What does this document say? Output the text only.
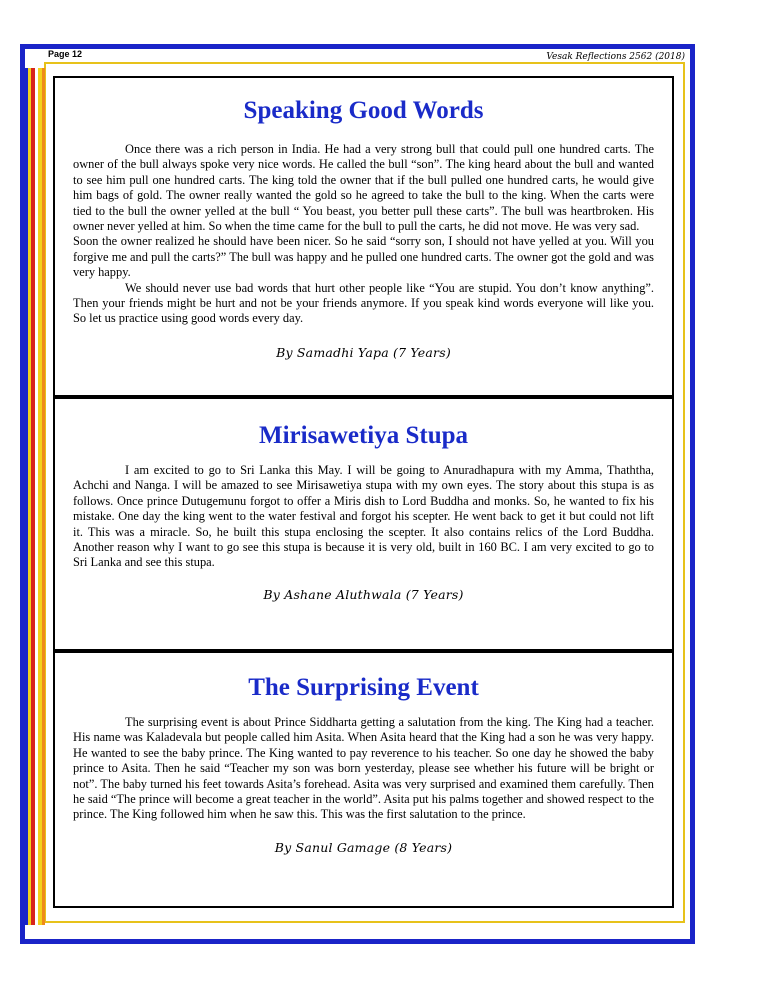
Page 12	Vesak Reflections 2562 (2018)
Speaking Good Words

Once there was a rich person in India. He had a very strong bull that could pull one hundred carts. The owner of the bull always spoke very nice words. He called the bull “son”. The king heard about the bull and wanted to see him pull one hundred carts. The king told the owner that if the bull pulled one hundred carts, he would give him bags of gold. The owner really wanted the gold so he agreed to take the bull to the king. When the carts were tied to the bull the owner yelled at the bull “ You beast, you better pull these carts”. The bull was heartbroken. His owner never yelled at him. So when the time came for the bull to pull the carts, he did not move. He was very sad.

Soon the owner realized he should have been nicer. So he said “sorry son, I should not have yelled at you. Will you forgive me and pull the carts?” The bull was happy and he pulled one hundred carts. The owner got the gold and was very happy.

We should never use bad words that hurt other people like “You are stupid. You don’t know anything”. Then your friends might be hurt and not be your friends anymore. If you speak kind words everyone will like you. So let us practice using good words every day.

By Samadhi Yapa (7 Years)
Mirisawetiya Stupa

I am excited to go to Sri Lanka this May. I will be going to Anuradhapura with my Amma, Thaththa, Achchi and Nanga. I will be amazed to see Mirisawetiya stupa with my own eyes. The story about this stupa is as follows. Once prince Dutugemunu forgot to offer a Miris dish to Lord Buddha and monks. So, he wanted to fix his mistake. One day the king went to the water festival and forgot his scepter. He went back to get it but could not lift it. This was a miracle. So, he built this stupa enclosing the scepter. It also contains relics of the Lord Buddha. Another reason why I want to go see this stupa is because it is very old, built in 160 BC. I am very excited to go to Sri Lanka and see this stupa.

By Ashane Aluthwala (7 Years)
The Surprising Event

The surprising event is about Prince Siddharta getting a salutation from the king. The King had a teacher. His name was Kaladevala but people called him Asita. When Asita heard that the King had a son he was very happy. He wanted to see the baby prince. The King wanted to pay reverence to his teacher. So one day he showed the baby prince to Asita. Then he said “Teacher my son was born yesterday, please see whether his future will be bright or not”. The baby turned his feet towards Asita’s forehead. Asita was very surprised and examined them carefully. Then he said “The prince will become a great teacher in the world”. Asita put his palms together and showed respect to the prince. The King followed him when he saw this. This was the first salutation to the prince.

By Sanul Gamage (8 Years)
